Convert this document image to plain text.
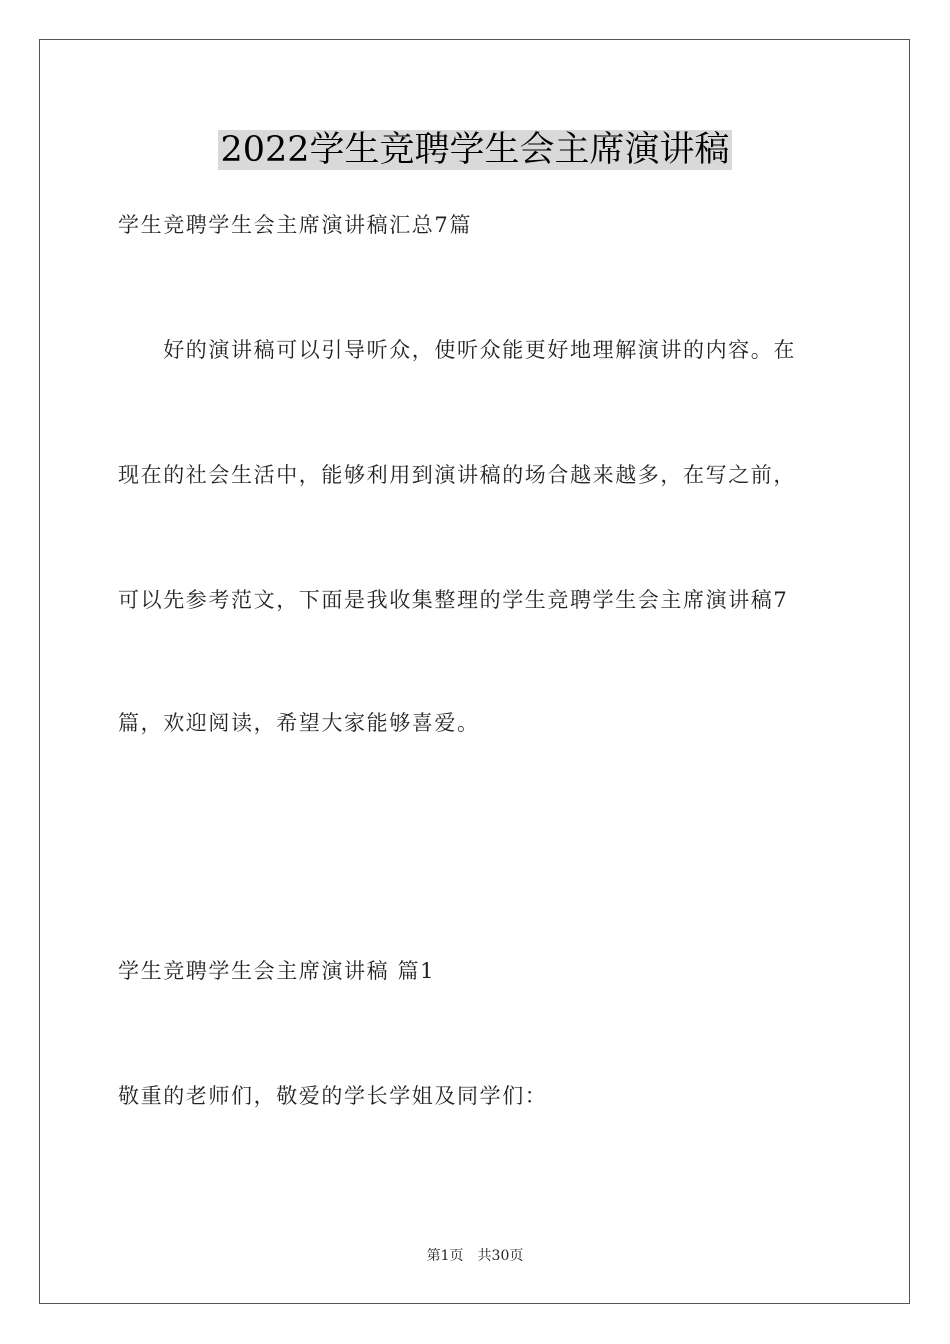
2022学生竞聘学生会主席演讲稿
学生竞聘学生会主席演讲稿汇总7篇
　　好的演讲稿可以引导听众，使听众能更好地理解演讲的内容。在
现在的社会生活中，能够利用到演讲稿的场合越来越多，在写之前，
可以先参考范文，下面是我收集整理的学生竞聘学生会主席演讲稿7
篇，欢迎阅读，希望大家能够喜爱。
学生竞聘学生会主席演讲稿 篇1
敬重的老师们，敬爱的学长学姐及同学们：
第1页　共30页
